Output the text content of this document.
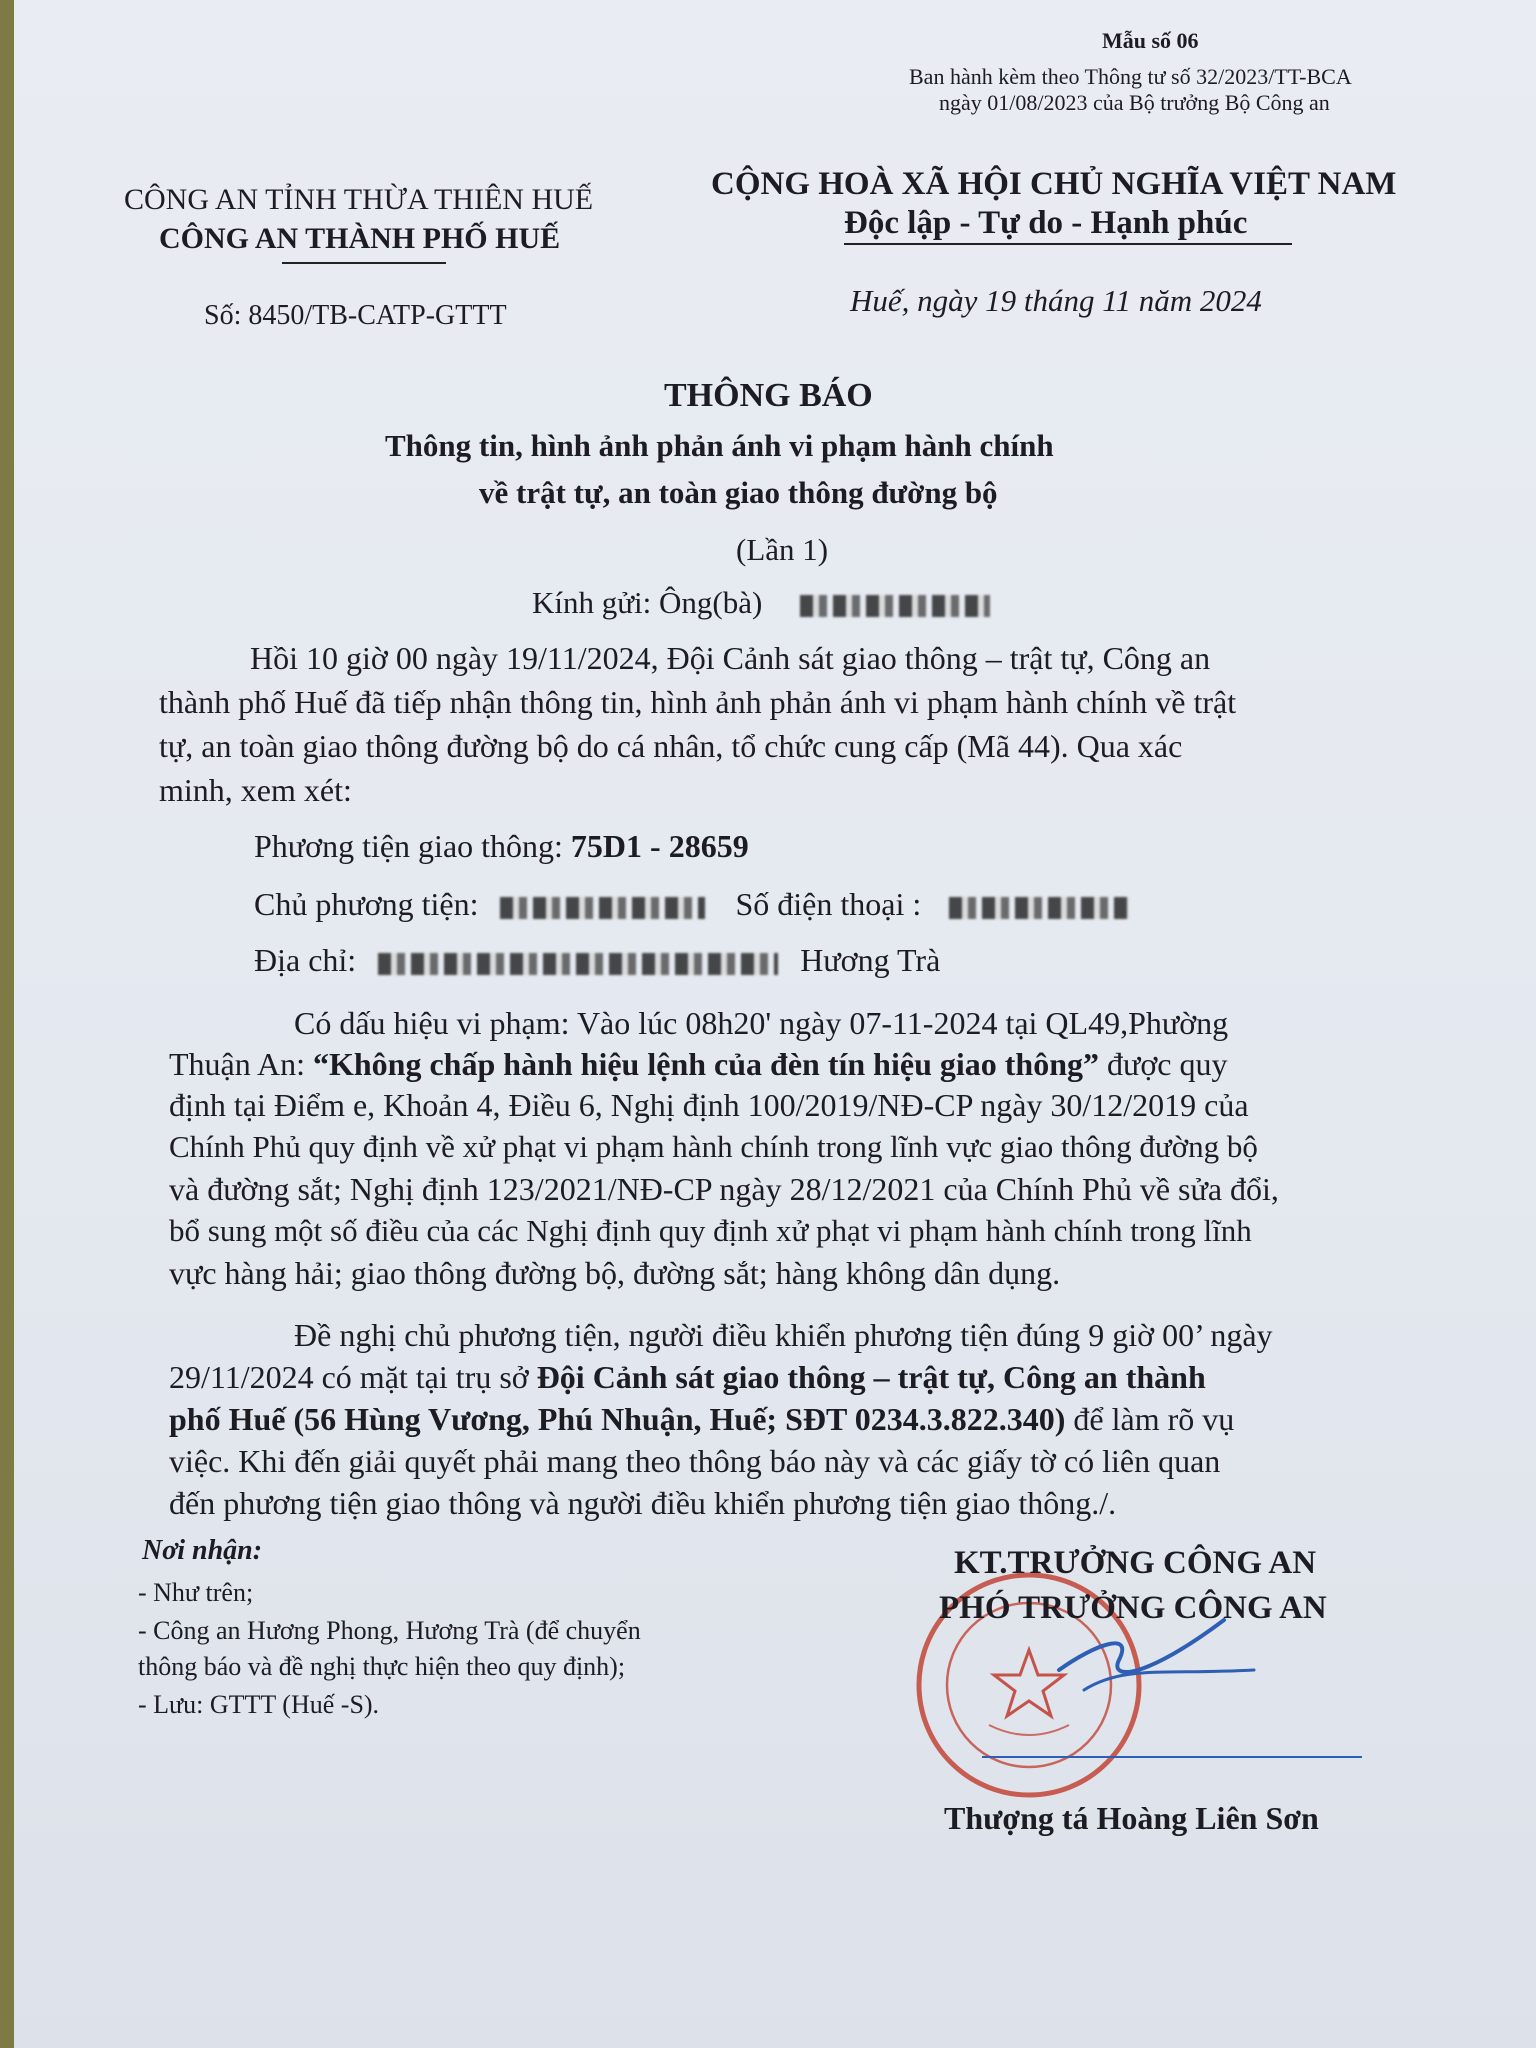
Mẫu số 06
Ban hành kèm theo Thông tư số 32/2023/TT-BCA
ngày 01/08/2023 của Bộ trưởng Bộ Công an
CÔNG AN TỈNH THỪA THIÊN HUẾ
CÔNG AN THÀNH PHỐ HUẾ
Số: 8450/TB-CATP-GTTT
CỘNG HOÀ XÃ HỘI CHỦ NGHĨA VIỆT NAM
Độc lập - Tự do - Hạnh phúc
Huế, ngày 19 tháng 11 năm 2024
THÔNG BÁO
Thông tin, hình ảnh phản ánh vi phạm hành chính
về trật tự, an toàn giao thông đường bộ
(Lần 1)
Kính gửi: Ông(bà)
Hồi 10 giờ 00 ngày 19/11/2024, Đội Cảnh sát giao thông – trật tự, Công an
thành phố Huế đã tiếp nhận thông tin, hình ảnh phản ánh vi phạm hành chính về trật
tự, an toàn giao thông đường bộ do cá nhân, tổ chức cung cấp (Mã 44). Qua xác
minh, xem xét:
Phương tiện giao thông: 75D1 - 28659
Chủ phương tiện:	Số điện thoại :
Địa chỉ:	Hương Trà
Có dấu hiệu vi phạm: Vào lúc 08h20' ngày 07-11-2024 tại QL49,Phường
Thuận An: “Không chấp hành hiệu lệnh của đèn tín hiệu giao thông” được quy
định tại Điểm e, Khoản 4, Điều 6, Nghị định 100/2019/NĐ-CP ngày 30/12/2019 của
Chính Phủ quy định về xử phạt vi phạm hành chính trong lĩnh vực giao thông đường bộ
và đường sắt; Nghị định 123/2021/NĐ-CP ngày 28/12/2021 của Chính Phủ về sửa đổi,
bổ sung một số điều của các Nghị định quy định xử phạt vi phạm hành chính trong lĩnh
vực hàng hải; giao thông đường bộ, đường sắt; hàng không dân dụng.
Đề nghị chủ phương tiện, người điều khiển phương tiện đúng 9 giờ 00’ ngày
29/11/2024 có mặt tại trụ sở Đội Cảnh sát giao thông – trật tự, Công an thành
phố Huế (56 Hùng Vương, Phú Nhuận, Huế; SĐT 0234.3.822.340) để làm rõ vụ
việc. Khi đến giải quyết phải mang theo thông báo này và các giấy tờ có liên quan
đến phương tiện giao thông và người điều khiển phương tiện giao thông./.
Nơi nhận:
- Như trên;
- Công an Hương Phong, Hương Trà (để chuyển
thông báo và đề nghị thực hiện theo quy định);
- Lưu: GTTT (Huế -S).
KT.TRƯỞNG CÔNG AN
PHÓ TRƯỞNG CÔNG AN
Thượng tá Hoàng Liên Sơn
